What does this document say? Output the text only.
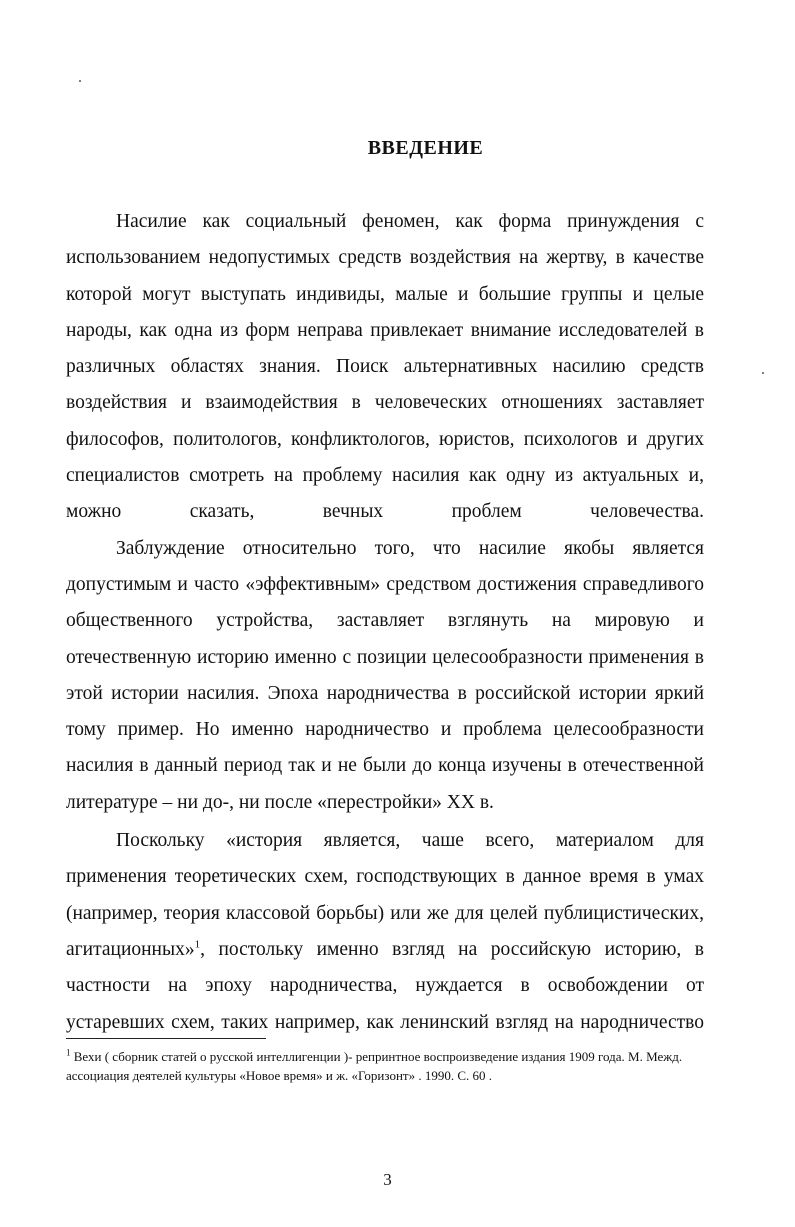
ВВЕДЕНИЕ

Насилие как социальный феномен, как форма принуждения с использованием недопустимых средств воздействия на жертву, в качестве которой могут выступать индивиды, малые и большие группы и целые народы, как одна из форм неправа привлекает внимание исследователей в различных областях знания. Поиск альтернативных насилию средств воздействия и взаимодействия в человеческих отношениях заставляет философов, политологов, конфликтологов, юристов, психологов и других специалистов смотреть на проблему насилия как одну из актуальных и, можно сказать, вечных проблем человечества.

Заблуждение относительно того, что насилие якобы является допустимым и часто «эффективным» средством достижения справедливого общественного устройства, заставляет взглянуть на мировую и отечественную историю именно с позиции целесообразности применения в этой истории насилия. Эпоха народничества в российской истории яркий тому пример. Но именно народничество и проблема целесообразности насилия в данный период так и не были до конца изучены в отечественной литературе – ни до-, ни после «перестройки» XX в.

Поскольку «история является, чаше всего, материалом для применения теоретических схем, господствующих в данное время в умах (например, теория классовой борьбы) или же для целей публицистических, агитационных»$^1$, постольку именно взгляд на российскую историю, в частности на эпоху народничества, нуждается в освобождении от устаревших схем, таких например, как ленинский взгляд на народничество

$^1$ Вехи ( сборник статей о русской интеллигенции )- репринтное воспроизведение издания 1909 года. М. Межд. ассоциация деятелей культуры «Новое время» и ж. «Горизонт» . 1990. С. 60 .
3
